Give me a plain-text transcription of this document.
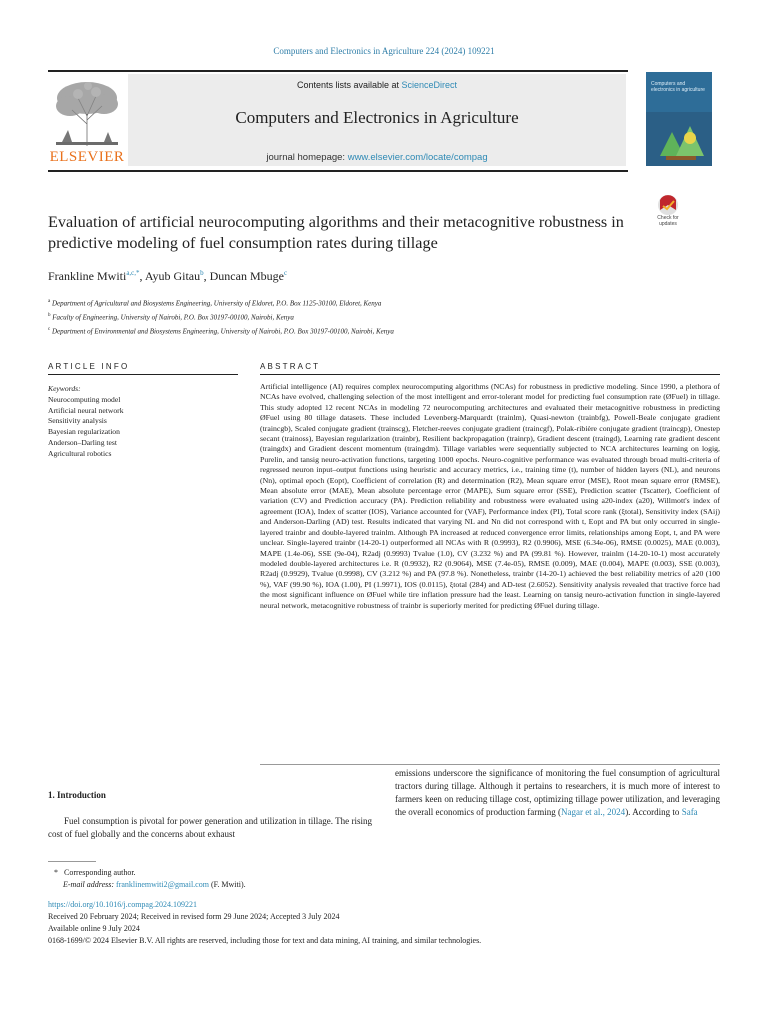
Computers and Electronics in Agriculture 224 (2024) 109221
Contents lists available at ScienceDirect
Computers and Electronics in Agriculture
journal homepage: www.elsevier.com/locate/compag
ELSEVIER
Computers and electronics in agriculture
Evaluation of artificial neurocomputing algorithms and their metacognitive robustness in predictive modeling of fuel consumption rates during tillage
Check for
updates
Frankline Mwiti$^{a,c,*}$, Ayub Gitau$^b$, Duncan Mbuge$^c$
$^a$ Department of Agricultural and Biosystems Engineering, University of Eldoret, P.O. Box 1125-30100, Eldoret, Kenya
$^b$ Faculty of Engineering, University of Nairobi, P.O. Box 30197-00100, Nairobi, Kenya
$^c$ Department of Environmental and Biosystems Engineering, University of Nairobi, P.O. Box 30197-00100, Nairobi, Kenya
ARTICLE INFO	ABSTRACT
Keywords:
Neurocomputing model
Artificial neural network
Sensitivity analysis
Bayesian regularization
Anderson–Darling test
Agricultural robotics
Artificial intelligence (AI) requires complex neurocomputing algorithms (NCAs) for robustness in predictive modeling. Since 1990, a plethora of NCAs have evolved, challenging selection of the most intelligent and error-tolerant model for predicting fuel consumption rate (ØFuel) in tillage. This study adopted 12 recent NCAs in modeling 72 neurocomputing architectures and evaluated their metacognitive robustness in predicting ØFuel using 80 tillage datasets. These included Levenberg-Marquardt (trainlm), Quasi-newton (trainbfg), Powell-Beale conjugate gradient (traincgb), Scaled conjugate gradient (trainscg), Fletcher-reeves conjugate gradient (traincgf), Polak-ribière conjugate gradient (traincgp), Onestep secant (trainoss), Bayesian regularization (trainbr), Resilient backpropagation (trainrp), Gradient descent (traingd), Learning rate gradient descent (traingdx) and Gradient descent momentum (traingdm). Tillage variables were sequentially subjected to NCA architectures learning on logig, Purelin, and tansig neuro-activation functions, targeting 1000 epochs. Neuro-cognitive performance was evaluated through broad multi-criteria of regressed neuron input–output functions using heuristic and accuracy metrics, i.e., training time (t), number of hidden layers (NL), and neurons (Nn), optimal epoch (Eopt), Coefficient of correlation (R) and determination (R2), Mean square error (MSE), Root mean square error (RMSE), Mean absolute error (MAE), Mean absolute percentage error (MAPE), Sum square error (SSE), Prediction scatter (Tscatter), Coefficient of variation (CV) and Prediction accuracy (PA). Prediction reliability and robustness were evaluated using a20-index (a20), Willmott's index of agreement (IOA), Index of scatter (IOS), Variance accounted for (VAF), Performance index (PI), Total score rank (ξtotal), Sensitivity index (SAij) and Anderson-Darling (AD) test. Results indicated that varying NL and Nn did not correspond with t, Eopt and PA but only occurred in single-layered trainbr and double-layered trainlm. Although PA increased at reduced convergence error limits, relationships among Eopt, t, and PA were unclear. Single-layered trainbr (14-20-1) outperformed all NCAs with R (0.9993), R2 (0.9906), MSE (6.34e-06), RMSE (0.0025), MAE (0.003), MAPE (1.4e-06), SSE (9e-04), R2adj (0.9993) Tvalue (1.0), CV (3.232 %) and PA (99.81 %). However, trainlm (14-20-10-1) most accurately modeled double-layered architectures i.e. R (0.9932), R2 (0.9064), MSE (7.4e-05), RMSE (0.009), MAE (0.004), MAPE (0.003), SSE (0.003), R2adj (0.9929), Tvalue (0.9998), CV (3.212 %) and PA (97.8 %). Nonetheless, trainbr (14-20-1) achieved the best reliability metrics of a20 (100 %), VAF (99.90 %), IOA (1.00), PI (1.9971), IOS (0.0115), ξtotal (284) and AD-test (2.6052). Sensitivity analysis revealed that tractive force had the most significant influence on ØFuel while tire inflation pressure had the least. Learning on tansig neuro-activation function in single-layered neural network, metacognitive robustness of trainbr is superiorly merited for predicting ØFuel during tillage.
1. Introduction
Fuel consumption is pivotal for power generation and utilization in tillage. The rising cost of fuel globally and the concerns about exhaust
emissions underscore the significance of monitoring the fuel consumption of agricultural tractors during tillage. Although it pertains to researchers, it is much more of interest to farmers keen on reducing tillage cost, optimizing tillage power utilization, and leveraging the overall economics of production farming (Nagar et al., 2024). According to Safa
* Corresponding author.
E-mail address: franklinemwiti2@gmail.com (F. Mwiti).
https://doi.org/10.1016/j.compag.2024.109221
Received 20 February 2024; Received in revised form 29 June 2024; Accepted 3 July 2024
Available online 9 July 2024
0168-1699/© 2024 Elsevier B.V. All rights are reserved, including those for text and data mining, AI training, and similar technologies.
